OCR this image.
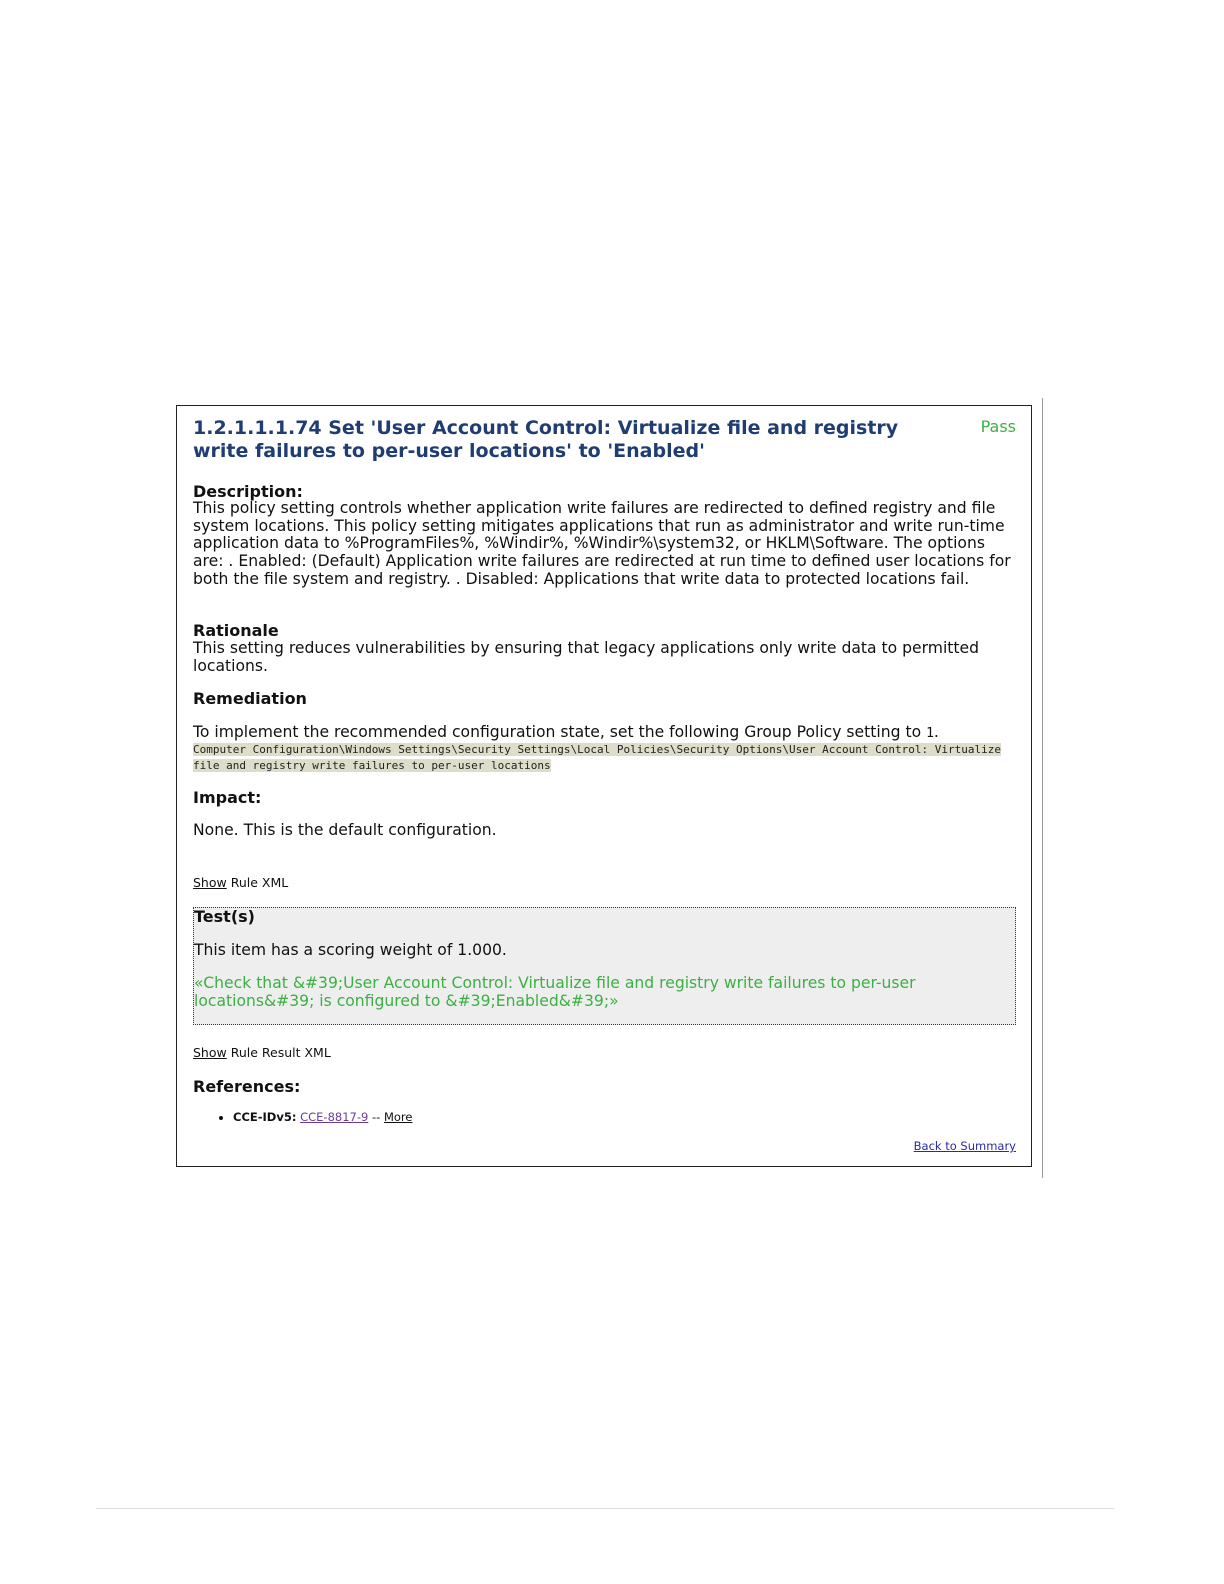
1.2.1.1.1.74 Set 'User Account Control: Virtualize file and registry write failures to per-user locations' to 'Enabled'
Pass
Description:

This policy setting controls whether application write failures are redirected to defined registry and file system locations. This policy setting mitigates applications that run as administrator and write run-time application data to %ProgramFiles%, %Windir%, %Windir%\system32, or HKLM\Software. The options are: . Enabled: (Default) Application write failures are redirected at run time to defined user locations for both the file system and registry. . Disabled: Applications that write data to protected locations fail.

Rationale

This setting reduces vulnerabilities by ensuring that legacy applications only write data to permitted locations.

Remediation

To implement the recommended configuration state, set the following Group Policy setting to 1.

Computer Configuration\Windows Settings\Security Settings\Local Policies\Security Options\User Account Control: Virtualize file and registry write failures to per-user locations

Impact:

None. This is the default configuration.

Show Rule XML
Test(s)

This item has a scoring weight of 1.000.

«Check that &#39;User Account Control: Virtualize file and registry write failures to per-user locations&#39; is configured to &#39;Enabled&#39;»

Show Rule Result XML
References:
• CCE-IDv5: CCE-8817-9 -- More
Back to Summary
